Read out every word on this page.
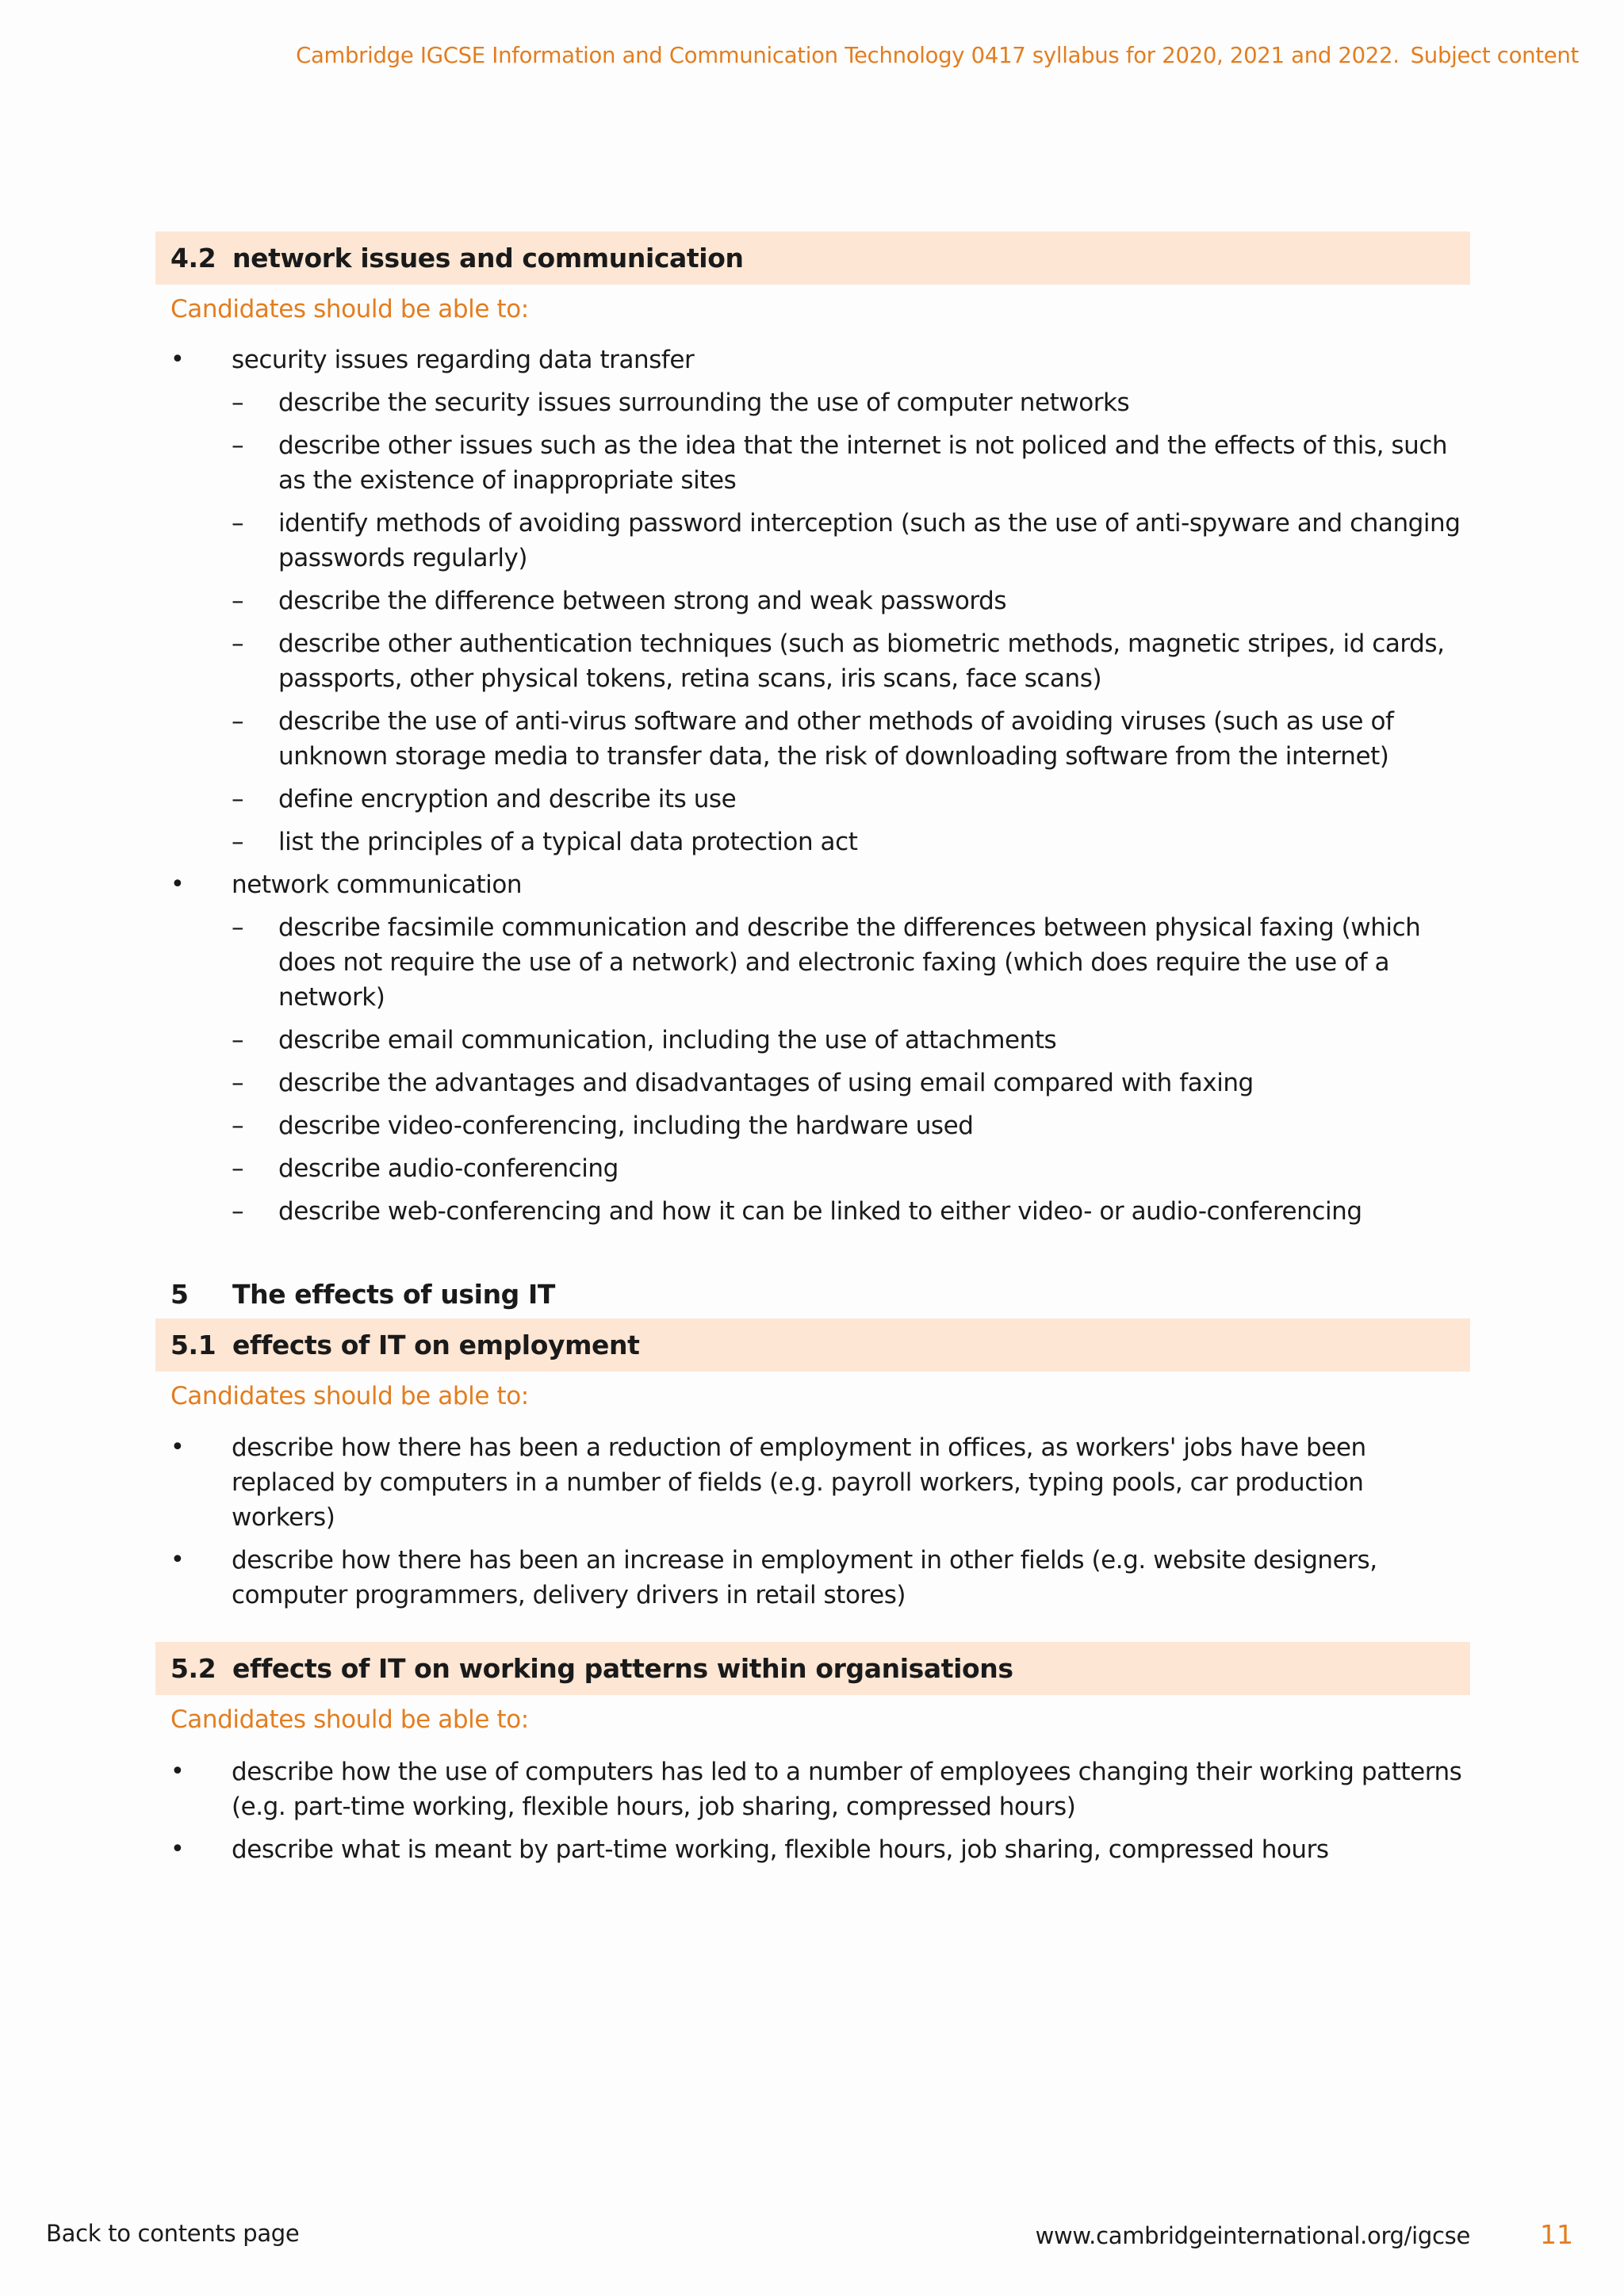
Cambridge IGCSE Information and Communication Technology 0417 syllabus for 2020, 2021 and 2022. Subject content
4.2 network issues and communication
Candidates should be able to:
• security issues regarding data transfer
– describe the security issues surrounding the use of computer networks
– describe other issues such as the idea that the internet is not policed and the effects of this, such as the existence of inappropriate sites
– identify methods of avoiding password interception (such as the use of anti-spyware and changing passwords regularly)
– describe the difference between strong and weak passwords
– describe other authentication techniques (such as biometric methods, magnetic stripes, id cards, passports, other physical tokens, retina scans, iris scans, face scans)
– describe the use of anti-virus software and other methods of avoiding viruses (such as use of unknown storage media to transfer data, the risk of downloading software from the internet)
– define encryption and describe its use
– list the principles of a typical data protection act
• network communication
– describe facsimile communication and describe the differences between physical faxing (which does not require the use of a network) and electronic faxing (which does require the use of a network)
– describe email communication, including the use of attachments
– describe the advantages and disadvantages of using email compared with faxing
– describe video-conferencing, including the hardware used
– describe audio-conferencing
– describe web-conferencing and how it can be linked to either video- or audio-conferencing
5	The effects of using IT
5.1 effects of IT on employment
Candidates should be able to:
• describe how there has been a reduction of employment in offices, as workers' jobs have been replaced by computers in a number of fields (e.g. payroll workers, typing pools, car production workers)
• describe how there has been an increase in employment in other fields (e.g. website designers, computer programmers, delivery drivers in retail stores)
5.2 effects of IT on working patterns within organisations
Candidates should be able to:
• describe how the use of computers has led to a number of employees changing their working patterns (e.g. part-time working, flexible hours, job sharing, compressed hours)
• describe what is meant by part-time working, flexible hours, job sharing, compressed hours
Back to contents page	www.cambridgeinternational.org/igcse	11
